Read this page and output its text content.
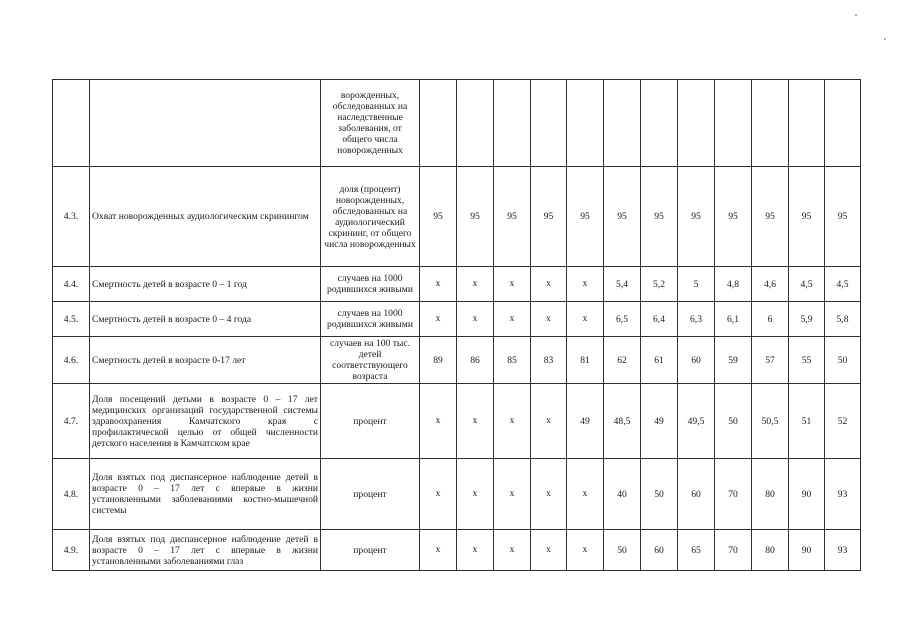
		ворожденных, обследованных на наследственные заболевания, от общего числа новорожденных												
4.3.	Охват новорожденных аудиологическим скринингом	доля (процент) новорожденных, обследованных на аудиологический скрининг, от общего числа новорожденных	95	95	95	95	95	95	95	95	95	95	95	95
4.4.	Смертность детей в возрасте 0 – 1 год	случаев на 1000 родившихся живыми	x	x	x	x	x	5,4	5,2	5	4,8	4,6	4,5	4,5
4.5.	Смертность детей в возрасте 0 – 4 года	случаев на 1000 родившихся живыми	x	x	x	x	x	6,5	6,4	6,3	6,1	6	5,9	5,8
4.6.	Смертность детей в возрасте 0-17 лет	случаев на 100 тыс. детей соответствующего возраста	89	86	85	83	81	62	61	60	59	57	55	50
4.7.	Доля посещений детьми в возрасте 0 – 17 лет медицинских организаций государственной системы здравоохранения Камчатского края с профилактической целью от общей численности детского населения в Камчатском крае	процент	x	x	x	x	49	48,5	49	49,5	50	50,5	51	52
4.8.	Доля взятых под диспансерное наблюдение детей в возрасте 0 – 17 лет с впервые в жизни установленными заболеваниями костно-мышечной системы	процент	x	x	x	x	x	40	50	60	70	80	90	93
4.9.	Доля взятых под диспансерное наблюдение детей в возрасте 0 – 17 лет с впервые в жизни установленными заболеваниями глаз	процент	x	x	x	x	x	50	60	65	70	80	90	93
